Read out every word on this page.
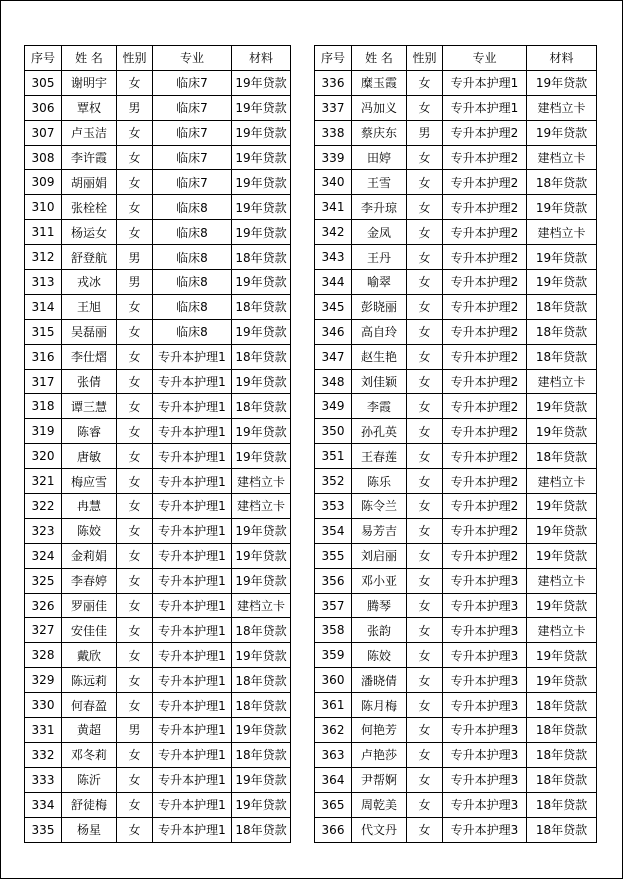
序号	姓 名	性别	专业	材料
305	谢明宇	女	临床7	19年贷款
306	覃权	男	临床7	19年贷款
307	卢玉洁	女	临床7	19年贷款
308	李许霞	女	临床7	19年贷款
309	胡丽娟	女	临床7	19年贷款
310	张栓栓	女	临床8	19年贷款
311	杨运女	女	临床8	19年贷款
312	舒登航	男	临床8	18年贷款
313	戎冰	男	临床8	19年贷款
314	王旭	女	临床8	18年贷款
315	吴磊丽	女	临床8	19年贷款
316	李仕熠	女	专升本护理1	18年贷款
317	张倩	女	专升本护理1	19年贷款
318	谭三慧	女	专升本护理1	18年贷款
319	陈睿	女	专升本护理1	19年贷款
320	唐敏	女	专升本护理1	19年贷款
321	梅应雪	女	专升本护理1	建档立卡
322	冉慧	女	专升本护理1	建档立卡
323	陈姣	女	专升本护理1	19年贷款
324	金莉娟	女	专升本护理1	19年贷款
325	李春婷	女	专升本护理1	19年贷款
326	罗丽佳	女	专升本护理1	建档立卡
327	安佳佳	女	专升本护理1	18年贷款
328	戴欣	女	专升本护理1	19年贷款
329	陈远莉	女	专升本护理1	18年贷款
330	何春盈	女	专升本护理1	18年贷款
331	黄超	男	专升本护理1	19年贷款
332	邓冬莉	女	专升本护理1	18年贷款
333	陈沂	女	专升本护理1	19年贷款
334	舒徒梅	女	专升本护理1	19年贷款
335	杨星	女	专升本护理1	18年贷款
序号	姓 名	性别	专业	材料
336	糜玉霞	女	专升本护理1	19年贷款
337	冯加义	女	专升本护理1	建档立卡
338	蔡庆东	男	专升本护理2	19年贷款
339	田婷	女	专升本护理2	建档立卡
340	王雪	女	专升本护理2	18年贷款
341	李升琼	女	专升本护理2	19年贷款
342	金凤	女	专升本护理2	建档立卡
343	王丹	女	专升本护理2	19年贷款
344	喻翠	女	专升本护理2	19年贷款
345	彭晓丽	女	专升本护理2	18年贷款
346	高自玲	女	专升本护理2	18年贷款
347	赵生艳	女	专升本护理2	18年贷款
348	刘佳颖	女	专升本护理2	建档立卡
349	李霞	女	专升本护理2	19年贷款
350	孙孔英	女	专升本护理2	19年贷款
351	王春莲	女	专升本护理2	18年贷款
352	陈乐	女	专升本护理2	建档立卡
353	陈令兰	女	专升本护理2	19年贷款
354	易芳吉	女	专升本护理2	19年贷款
355	刘启丽	女	专升本护理2	19年贷款
356	邓小亚	女	专升本护理3	建档立卡
357	腾琴	女	专升本护理3	19年贷款
358	张韵	女	专升本护理3	建档立卡
359	陈姣	女	专升本护理3	19年贷款
360	潘晓倩	女	专升本护理3	19年贷款
361	陈月梅	女	专升本护理3	18年贷款
362	何艳芳	女	专升本护理3	18年贷款
363	卢艳莎	女	专升本护理3	18年贷款
364	尹帮婀	女	专升本护理3	18年贷款
365	周乾美	女	专升本护理3	18年贷款
366	代文丹	女	专升本护理3	18年贷款
